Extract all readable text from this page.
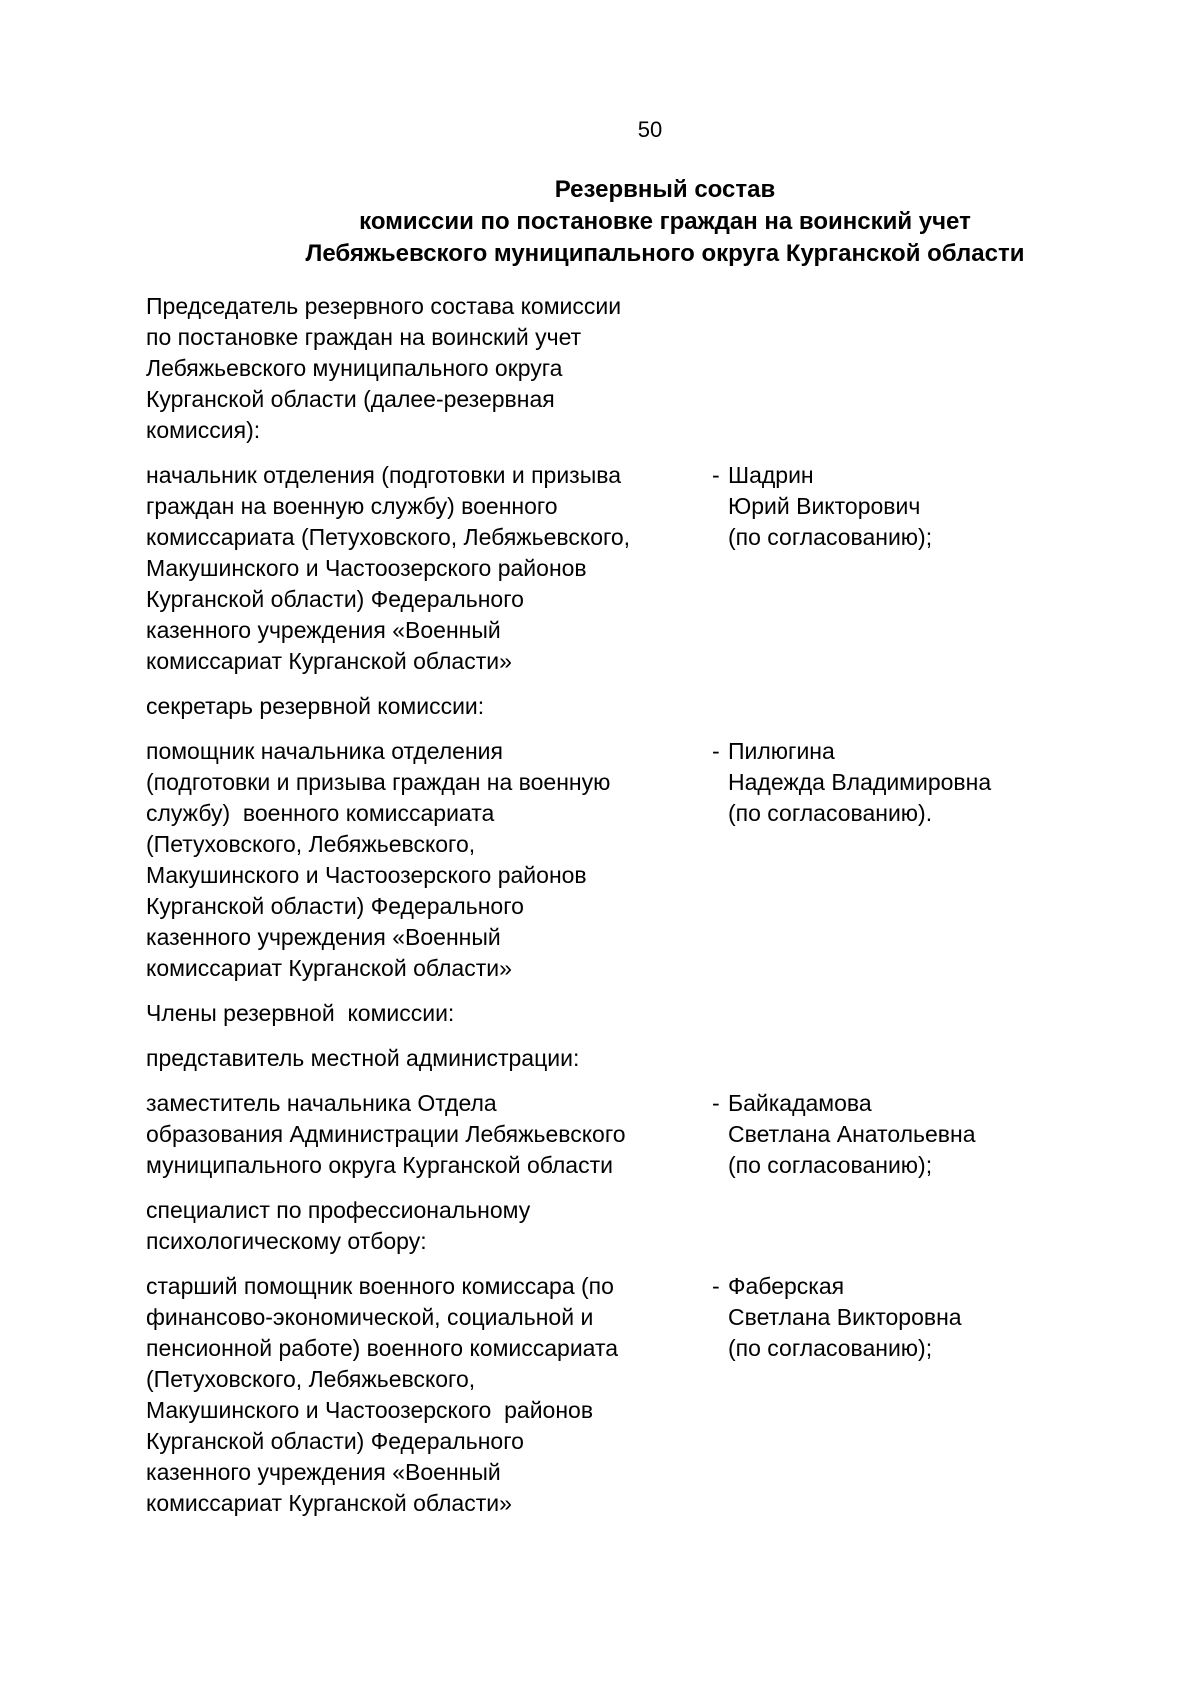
50
Резервный состав
комиссии по постановке граждан на воинский учет
Лебяжьевского муниципального округа Курганской области
Председатель резервного состава комиссии
по постановке граждан на воинский учет
Лебяжьевского муниципального округа
Курганской области (далее-резервная
комиссия):
начальник отделения (подготовки и призыва
граждан на военную службу) военного
комиссариата (Петуховского, Лебяжьевского,
Макушинского и Частоозерского районов
Курганской области) Федерального
казенного учреждения «Военный
комиссариат Курганской области»
- Шадрин
Юрий Викторович
(по согласованию);
секретарь резервной комиссии:
помощник начальника отделения
(подготовки и призыва граждан на военную
службу)  военного комиссариата
(Петуховского, Лебяжьевского,
Макушинского и Частоозерского районов
Курганской области) Федерального
казенного учреждения «Военный
комиссариат Курганской области»
- Пилюгина
Надежда Владимировна
(по согласованию).
Члены резервной  комиссии:
представитель местной администрации:
заместитель начальника Отдела
образования Администрации Лебяжьевского
муниципального округа Курганской области
- Байкадамова
Светлана Анатольевна
(по согласованию);
специалист по профессиональному
психологическому отбору:
старший помощник военного комиссара (по
финансово-экономической, социальной и
пенсионной работе) военного комиссариата
(Петуховского, Лебяжьевского,
Макушинского и Частоозерского  районов
Курганской области) Федерального
казенного учреждения «Военный
комиссариат Курганской области»
- Фаберская
Светлана Викторовна
(по согласованию);
